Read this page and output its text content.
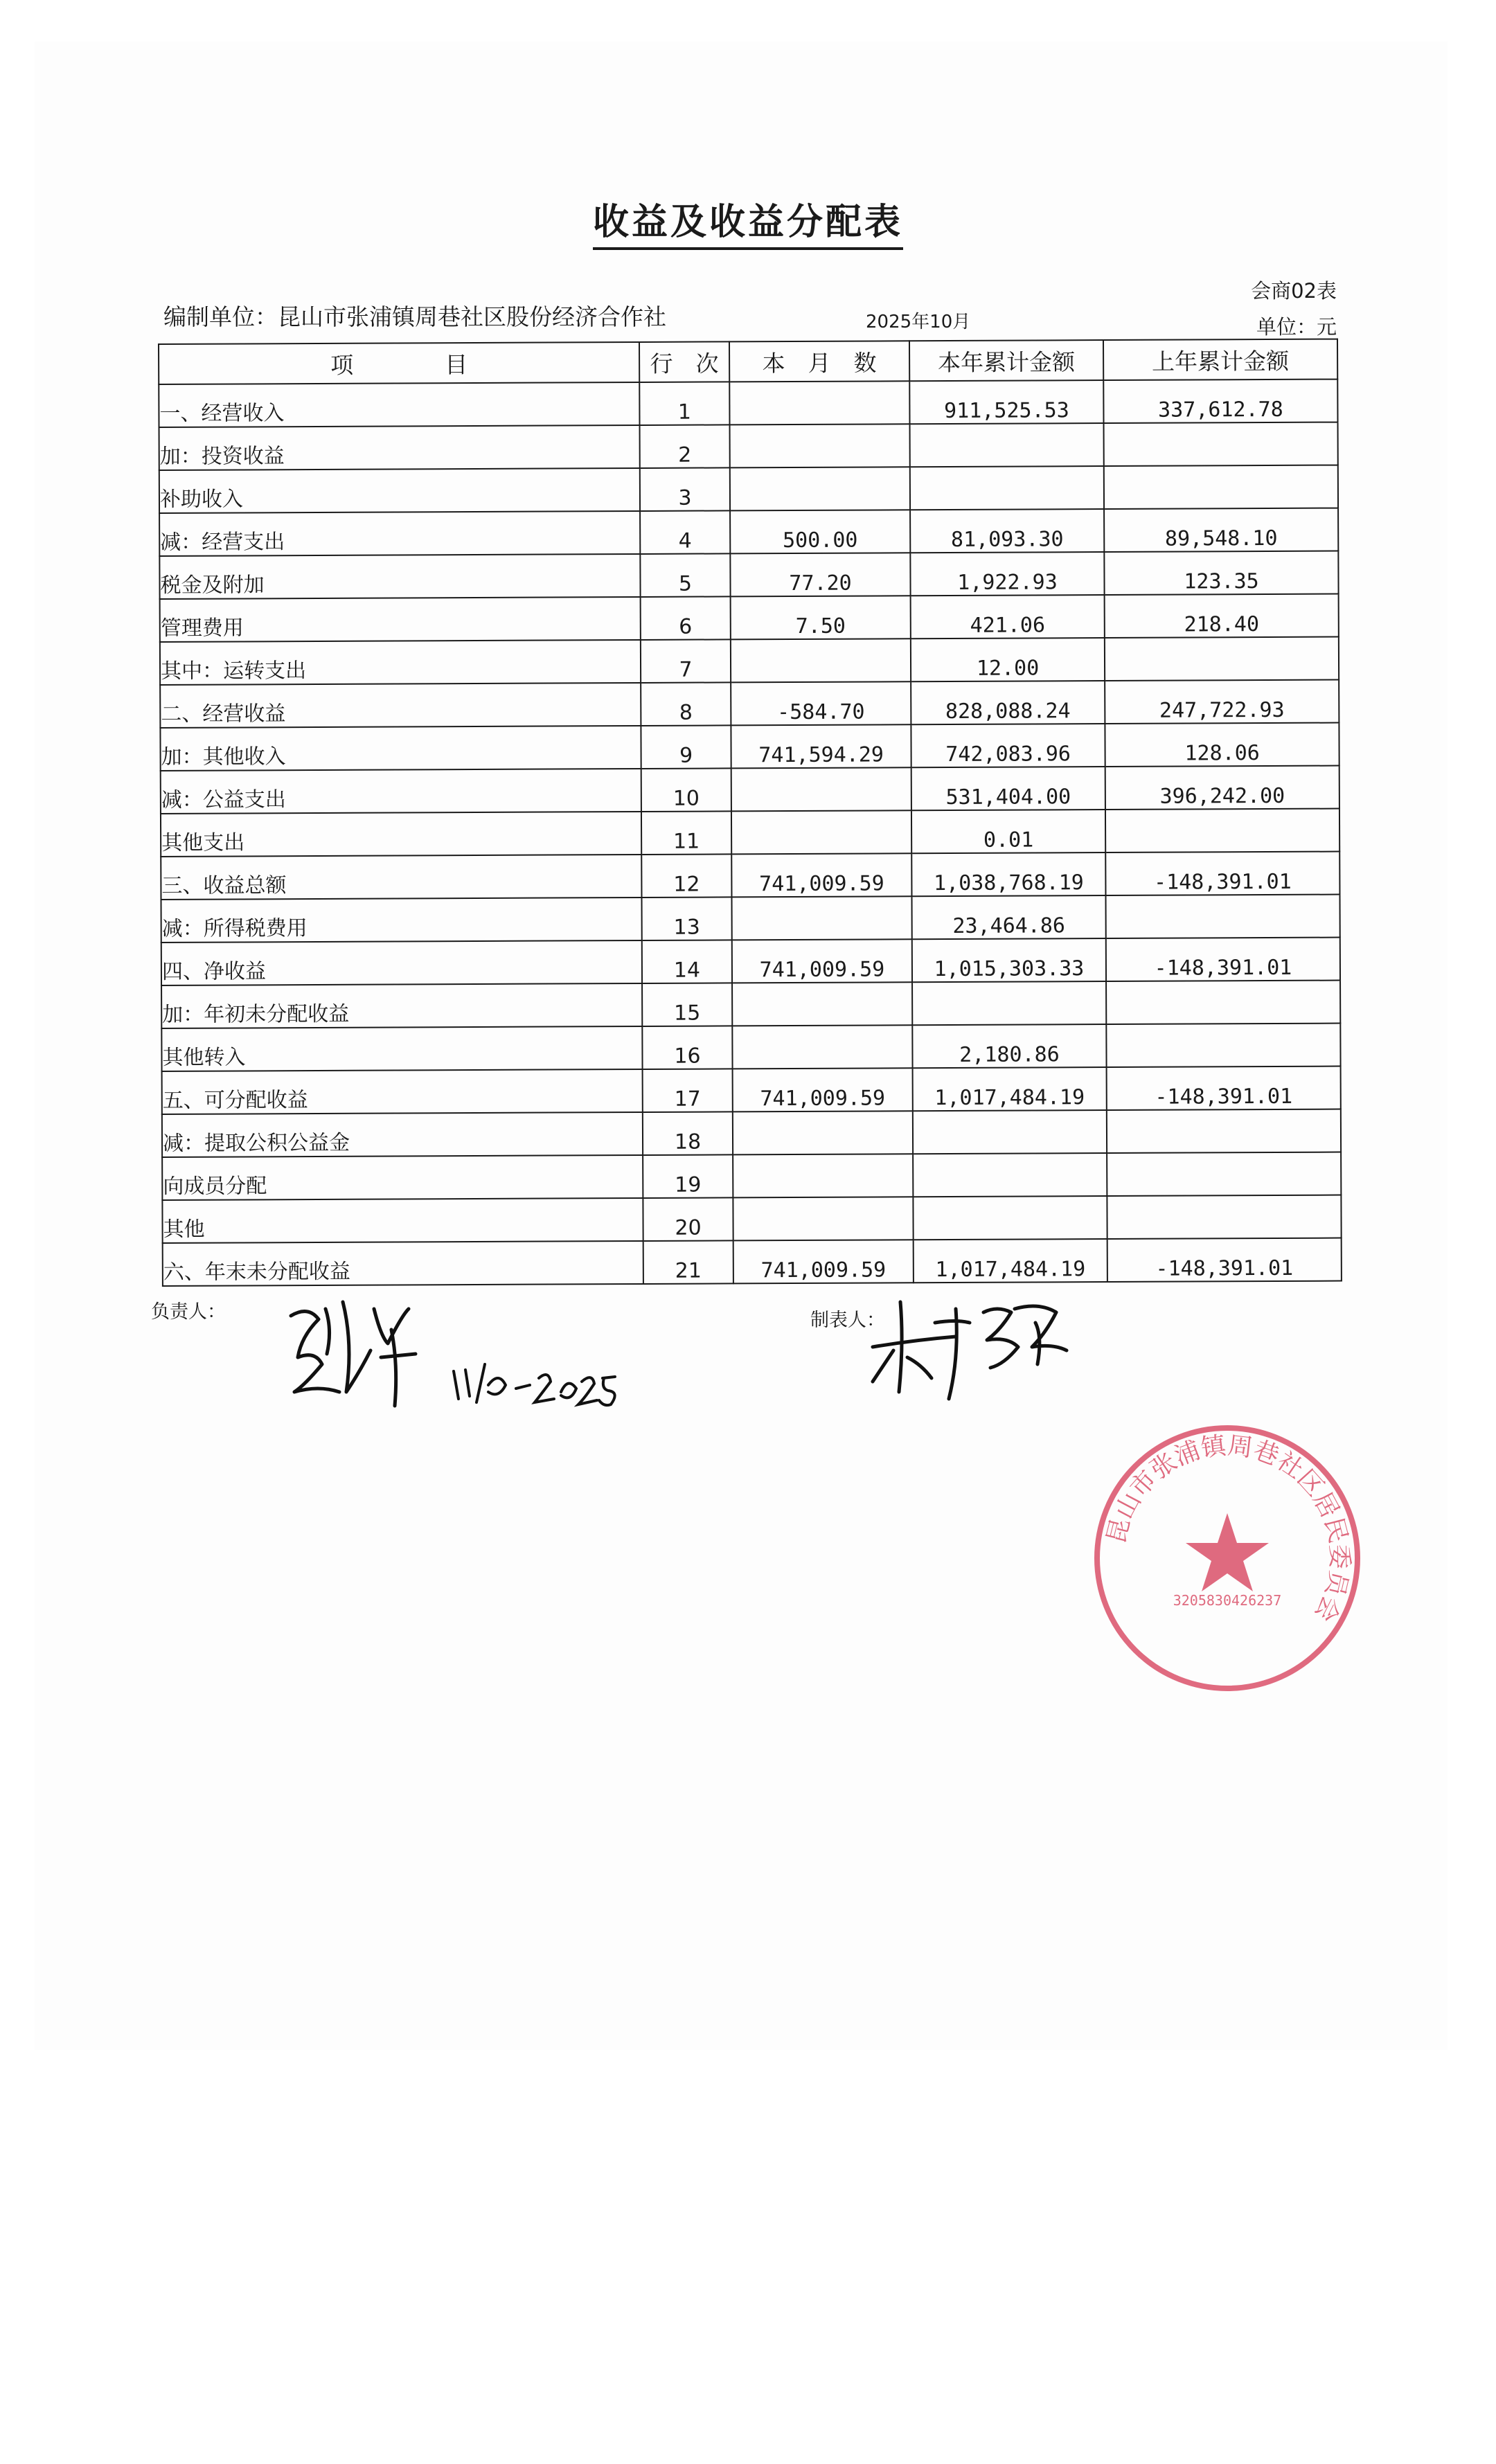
收益及收益分配表
会商02表
编制单位：昆山市张浦镇周巷社区股份经济合作社	2025年10月	单位：元
项　　　　目	行　次	本　月　数	本年累计金额	上年累计金额
一、经营收入	1		911,525.53	337,612.78
加：投资收益	2			
补助收入	3			
减：经营支出	4	500.00	81,093.30	89,548.10
税金及附加	5	77.20	1,922.93	123.35
管理费用	6	7.50	421.06	218.40
其中：运转支出	7		12.00	
二、经营收益	8	-584.70	828,088.24	247,722.93
加：其他收入	9	741,594.29	742,083.96	128.06
减：公益支出	10		531,404.00	396,242.00
其他支出	11		0.01	
三、收益总额	12	741,009.59	1,038,768.19	-148,391.01
减：所得税费用	13		23,464.86	
四、净收益	14	741,009.59	1,015,303.33	-148,391.01
加：年初未分配收益	15			
其他转入	16		2,180.86	
五、可分配收益	17	741,009.59	1,017,484.19	-148,391.01
减：提取公积公益金	18			
向成员分配	19			
其他	20			
六、年末未分配收益	21	741,009.59	1,017,484.19	-148,391.01
负责人：	制表人：
昆山市张浦镇周巷社区居民委员会
3205830426237
